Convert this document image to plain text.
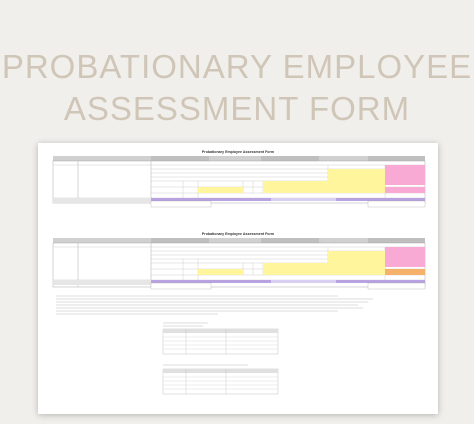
PROBATIONARY EMPLOYEE
ASSESSMENT FORM
Probationary Employee Assessment Form
Probationary Employee Assessment Form
